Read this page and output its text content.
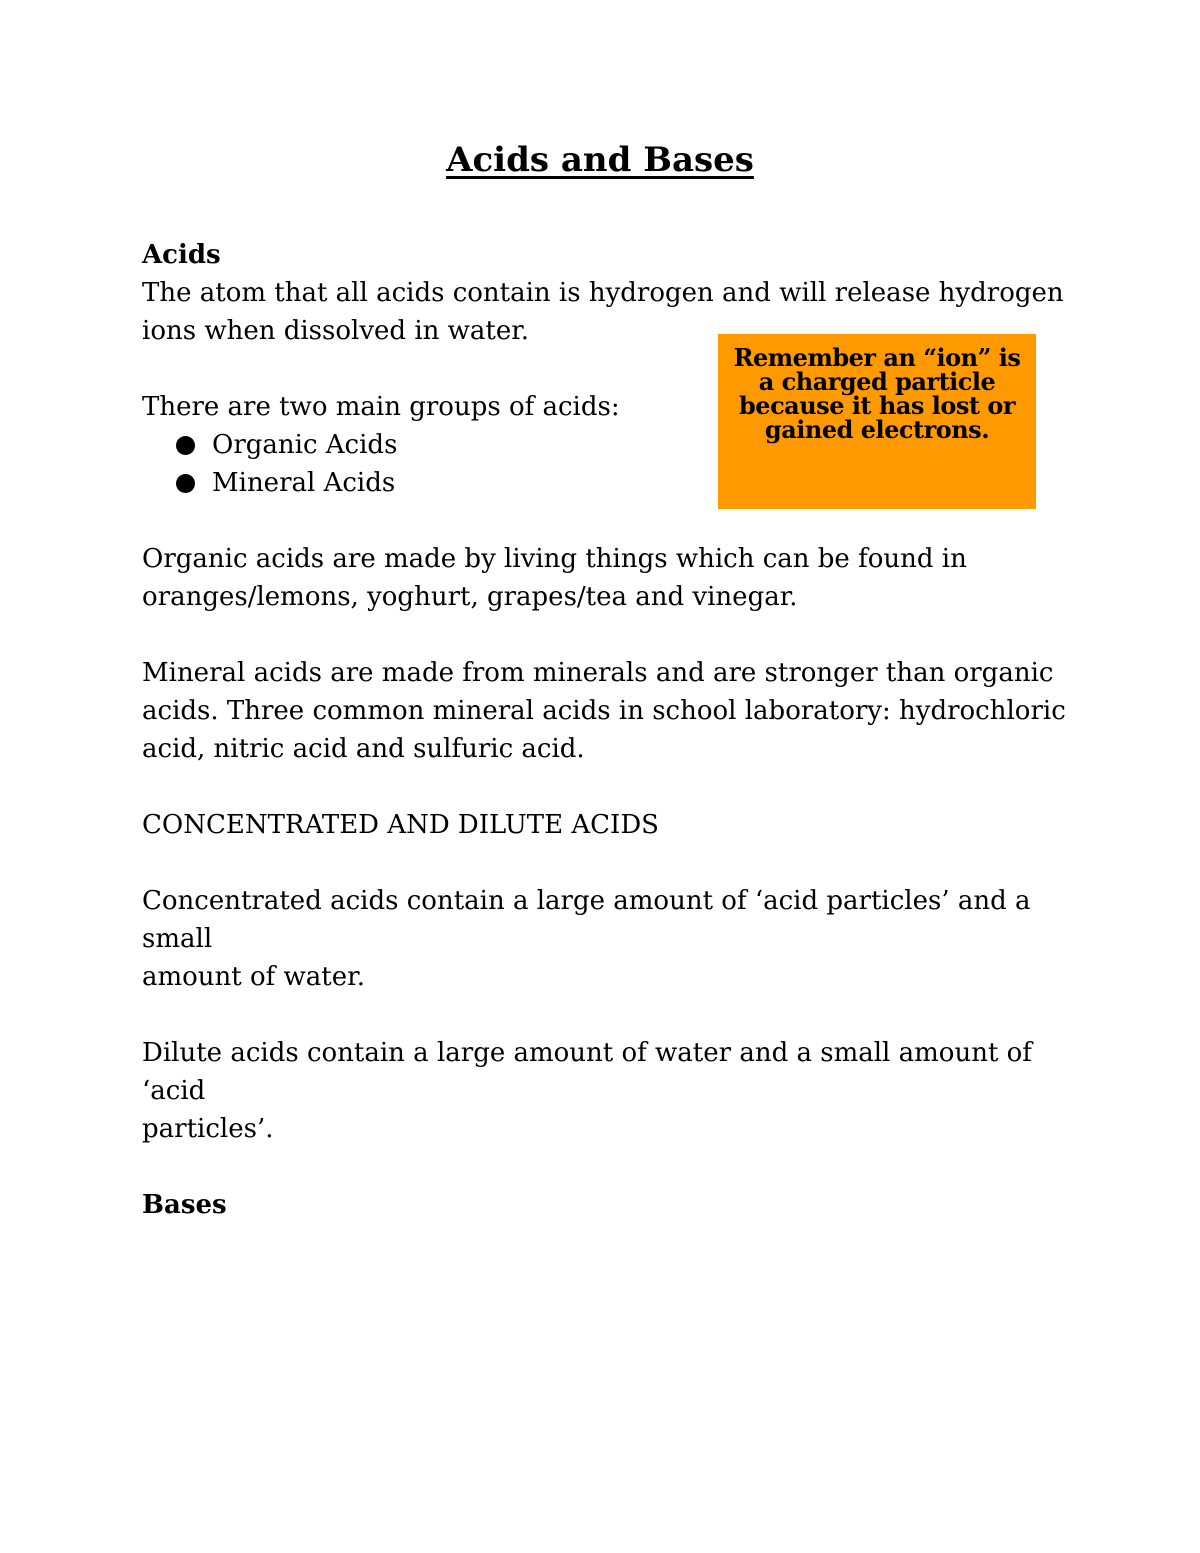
Acids and Bases

Acids

The atom that all acids contain is hydrogen and will release hydrogen

ions when dissolved in water.

There are two main groups of acids:

Organic Acids
Mineral Acids

Organic acids are made by living things which can be found in

oranges/lemons, yoghurt, grapes/tea and vinegar.

Mineral acids are made from minerals and are stronger than organic

acids. Three common mineral acids in school laboratory: hydrochloric

acid, nitric acid and sulfuric acid.

CONCENTRATED AND DILUTE ACIDS

Concentrated acids contain a large amount of ‘acid particles’ and a small

amount of water.

Dilute acids contain a large amount of water and a small amount of ‘acid

particles’.

Bases

Remember an “ion” is
a charged particle
because it has lost or
gained electrons.
